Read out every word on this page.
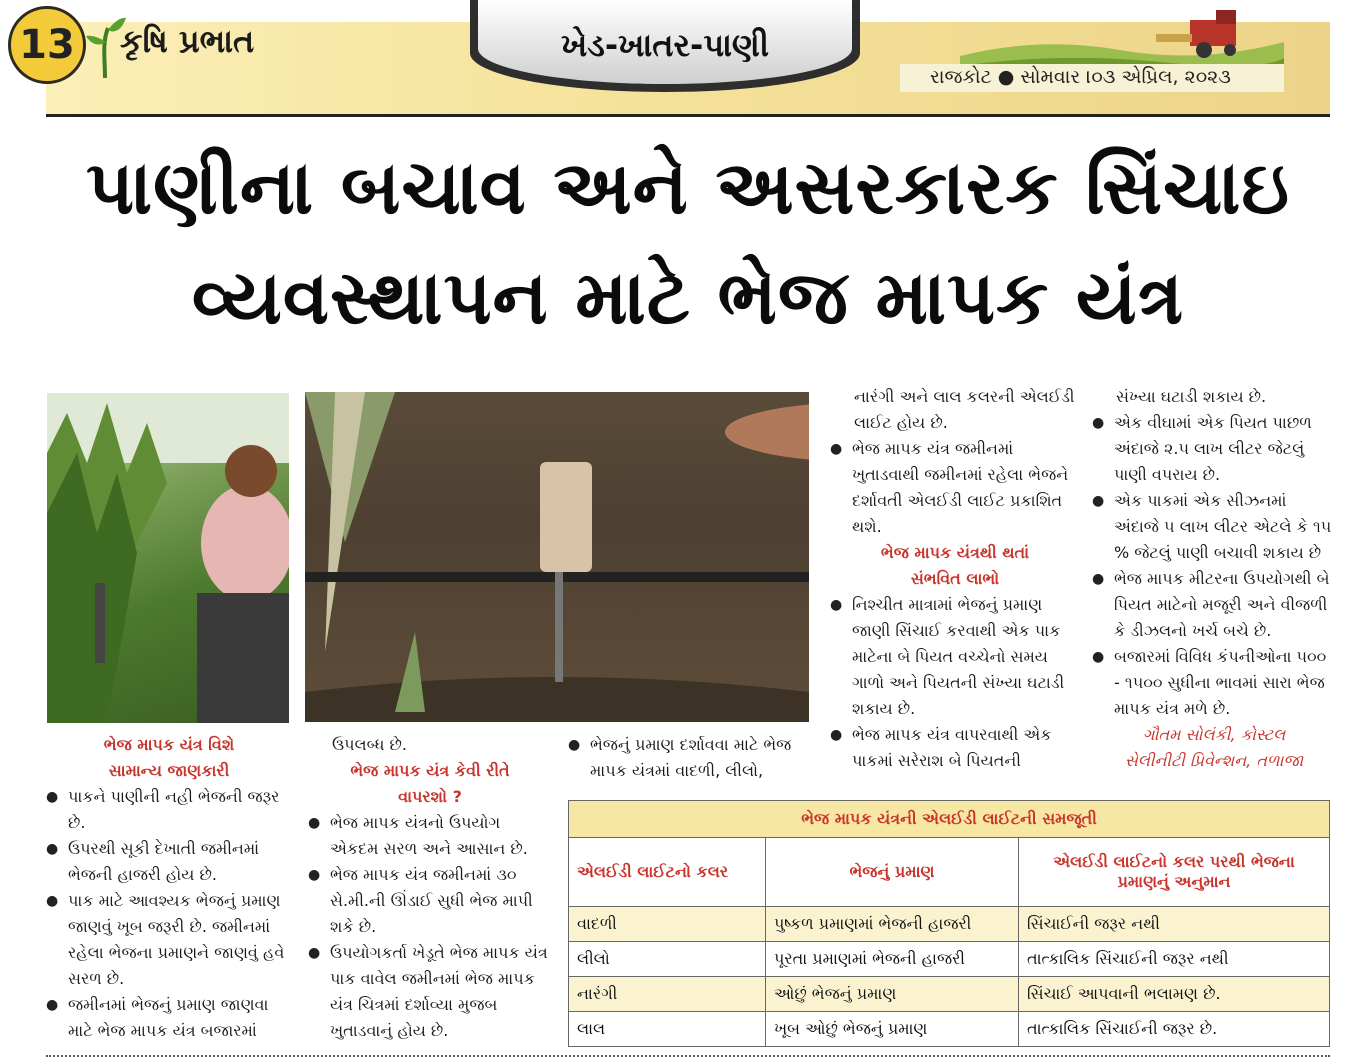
13	કૃષિ પ્રભાત	ખેડ-ખાતર-પાણી
રાજકોટ ● સોમવાર ।૦૩ એપ્રિલ, ૨૦૨૩
પાણીના બચાવ અને અસરકારક સિંચાઇ
વ્યવસ્થાપન માટે ભેજ માપક યંત્ર
ભેજ માપક યંત્ર વિશે
સામાન્ય જાણકારી
● પાકને પાણીની નહી ભેજની જરૂર છે.
● ઉપરથી સૂકી દેખાતી જમીનમાં ભેજની હાજરી હોય છે.
● પાક માટે આવશ્યક ભેજનું પ્રમાણ જાણવું ખૂબ જરૂરી છે. જમીનમાં રહેલા ભેજના પ્રમાણને જાણવું હવે સરળ છે.
● જમીનમાં ભેજનું પ્રમાણ જાણવા માટે ભેજ માપક યંત્ર બજારમાં
ઉપલબ્ધ છે.
ભેજ માપક યંત્ર કેવી રીતે
વાપરશો ?
● ભેજ માપક યંત્રનો ઉપયોગ એકદમ સરળ અને આસાન છે.
● ભેજ માપક યંત્ર જમીનમાં ૩૦ સે.મી.ની ઊંડાઈ સુધી ભેજ માપી શકે છે.
● ઉપયોગકર્તા ખેડૂતે ભેજ માપક યંત્ર પાક વાવેલ જમીનમાં ભેજ માપક યંત્ર ચિત્રમાં દર્શાવ્યા મુજબ ખુતાડવાનું હોય છે.
● ભેજનું પ્રમાણ દર્શાવવા માટે ભેજ માપક યંત્રમાં વાદળી, લીલો,
નારંગી અને લાલ કલરની એલઈડી લાઈટ હોય છે.
● ભેજ માપક યંત્ર જમીનમાં ખુતાડવાથી જમીનમાં રહેલા ભેજને દર્શાવતી એલઈડી લાઈટ પ્રકાશિત થશે.
ભેજ માપક યંત્રથી થતાં
સંભવિત લાભો
● નિશ્ચીત માત્રામાં ભેજનું પ્રમાણ જાણી સિંચાઈ કરવાથી એક પાક માટેના બે પિયત વચ્ચેનો સમય ગાળો અને પિયતની સંખ્યા ઘટાડી શકાય છે.
● ભેજ માપક યંત્ર વાપરવાથી એક પાકમાં સરેરાશ બે પિયતની
સંખ્યા ઘટાડી શકાય છે.
● એક વીઘામાં એક પિયત પાછળ અંદાજે ૨.૫ લાખ લીટર જેટલું પાણી વપરાય છે.
● એક પાકમાં એક સીઝનમાં અંદાજે ૫ લાખ લીટર એટલે કે ૧૫ % જેટલું પાણી બચાવી શકાય છે
● ભેજ માપક મીટરના ઉપયોગથી બે પિયત માટેનો મજૂરી અને વીજળી કે ડીઝલનો ખર્ચ બચે છે.
● બજારમાં વિવિધ કંપનીઓના ૫૦૦ - ૧૫૦૦ સુધીના ભાવમાં સારા ભેજ માપક યંત્ર મળે છે.
ગૌતમ સોલંકી, કોસ્ટલ
સેલીનીટી પ્રિવેન્શન, તળાજા
ભેજ માપક યંત્રની એલઈડી લાઈટની સમજૂતી		
એલઈડી લાઈટનો કલર	ભેજનું પ્રમાણ	એલઈડી લાઈટનો કલર પરથી ભેજના પ્રમાણનું અનુમાન
વાદળી	પુષ્કળ પ્રમાણમાં ભેજની હાજરી	સિંચાઈની જરૂર નથી
લીલો	પૂરતા પ્રમાણમાં ભેજની હાજરી	તાત્કાલિક સિંચાઈની જરૂર નથી
નારંગી	ઓછું ભેજનું પ્રમાણ	સિંચાઈ આપવાની ભલામણ છે.
લાલ	ખૂબ ઓછું ભેજનું પ્રમાણ	તાત્કાલિક સિંચાઈની જરૂર છે.
